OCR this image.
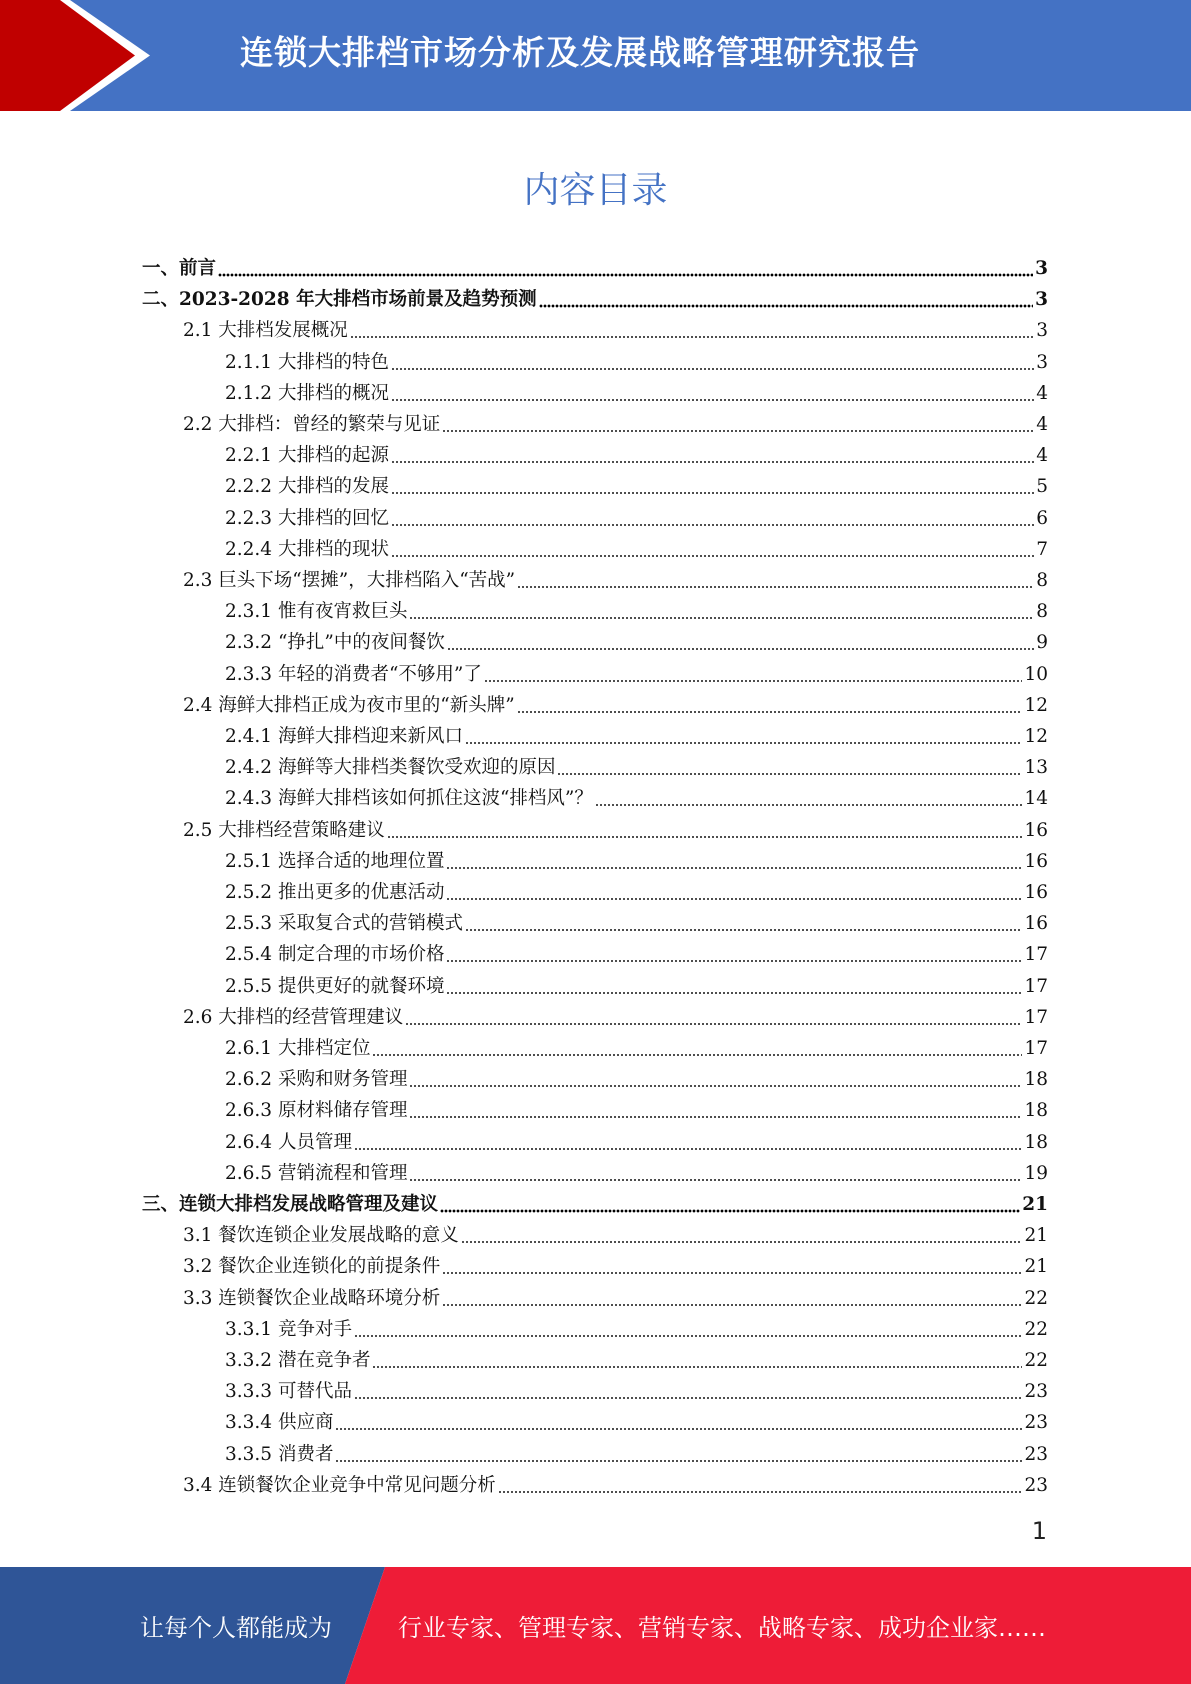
连锁大排档市场分析及发展战略管理研究报告
内容目录
一、前言	3
二、2023-2028 年大排档市场前景及趋势预测	3
2.1 大排档发展概况	3
2.1.1 大排档的特色	3
2.1.2 大排档的概况	4
2.2 大排档：曾经的繁荣与见证	4
2.2.1 大排档的起源	4
2.2.2 大排档的发展	5
2.2.3 大排档的回忆	6
2.2.4 大排档的现状	7
2.3 巨头下场“摆摊”，大排档陷入“苦战”	8
2.3.1 惟有夜宵救巨头	8
2.3.2 “挣扎”中的夜间餐饮	9
2.3.3 年轻的消费者“不够用”了	10
2.4 海鲜大排档正成为夜市里的“新头牌”	12
2.4.1 海鲜大排档迎来新风口	12
2.4.2 海鲜等大排档类餐饮受欢迎的原因	13
2.4.3 海鲜大排档该如何抓住这波“排档风”？	14
2.5 大排档经营策略建议	16
2.5.1 选择合适的地理位置	16
2.5.2 推出更多的优惠活动	16
2.5.3 采取复合式的营销模式	16
2.5.4 制定合理的市场价格	17
2.5.5 提供更好的就餐环境	17
2.6 大排档的经营管理建议	17
2.6.1 大排档定位	17
2.6.2 采购和财务管理	18
2.6.3 原材料储存管理	18
2.6.4 人员管理	18
2.6.5 营销流程和管理	19
三、连锁大排档发展战略管理及建议	21
3.1 餐饮连锁企业发展战略的意义	21
3.2 餐饮企业连锁化的前提条件	21
3.3 连锁餐饮企业战略环境分析	22
3.3.1 竞争对手	22
3.3.2 潜在竞争者	22
3.3.3 可替代品	23
3.3.4 供应商	23
3.3.5 消费者	23
3.4 连锁餐饮企业竞争中常见问题分析	23
1
让每个人都能成为	行业专家、管理专家、营销专家、战略专家、成功企业家……
